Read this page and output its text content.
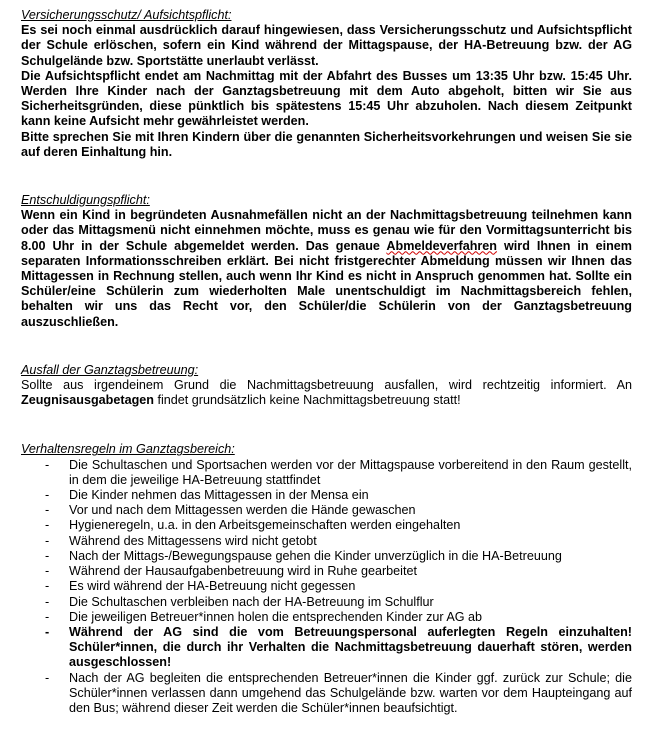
Versicherungsschutz/ Aufsichtspflicht:

Es sei noch einmal ausdrücklich darauf hingewiesen, dass Versicherungsschutz und Aufsichtspflicht der Schule erlöschen, sofern ein Kind während der Mittagspause, der HA-Betreuung bzw. der AG Schulgelände bzw. Sportstätte unerlaubt verlässt.

Die Aufsichtspflicht endet am Nachmittag mit der Abfahrt des Busses um 13:35 Uhr bzw. 15:45 Uhr. Werden Ihre Kinder nach der Ganztagsbetreuung mit dem Auto abgeholt, bitten wir Sie aus Sicherheitsgründen, diese pünktlich bis spätestens 15:45 Uhr abzuholen. Nach diesem Zeitpunkt kann keine Aufsicht mehr gewährleistet werden.

Bitte sprechen Sie mit Ihren Kindern über die genannten Sicherheitsvorkehrungen und weisen Sie sie auf deren Einhaltung hin.

Entschuldigungspflicht:

Wenn ein Kind in begründeten Ausnahmefällen nicht an der Nachmittagsbetreuung teilnehmen kann oder das Mittagsmenü nicht einnehmen möchte, muss es genau wie für den Vormittagsunterricht bis 8.00 Uhr in der Schule abgemeldet werden. Das genaue Abmeldeverfahren wird Ihnen in einem separaten Informationsschreiben erklärt. Bei nicht fristgerechter Abmeldung müssen wir Ihnen das Mittagessen in Rechnung stellen, auch wenn Ihr Kind es nicht in Anspruch genommen hat. Sollte ein Schüler/eine Schülerin zum wiederholten Male unentschuldigt im Nachmittagsbereich fehlen, behalten wir uns das Recht vor, den Schüler/die Schülerin von der Ganztagsbetreuung auszuschließen.

Ausfall der Ganztagsbetreuung:

Sollte aus irgendeinem Grund die Nachmittagsbetreuung ausfallen, wird rechtzeitig informiert. An Zeugnisausgabetagen findet grundsätzlich keine Nachmittagsbetreuung statt!

Verhaltensregeln im Ganztagsbereich:

- Die Schultaschen und Sportsachen werden vor der Mittagspause vorbereitend in den Raum gestellt, in dem die jeweilige HA-Betreuung stattfindet
- Die Kinder nehmen das Mittagessen in der Mensa ein
- Vor und nach dem Mittagessen werden die Hände gewaschen
- Hygieneregeln, u.a. in den Arbeitsgemeinschaften werden eingehalten
- Während des Mittagessens wird nicht getobt
- Nach der Mittags-/Bewegungspause gehen die Kinder unverzüglich in die HA-Betreuung
- Während der Hausaufgabenbetreuung wird in Ruhe gearbeitet
- Es wird während der HA-Betreuung nicht gegessen
- Die Schultaschen verbleiben nach der HA-Betreuung im Schulflur
- Die jeweiligen Betreuer*innen holen die entsprechenden Kinder zur AG ab
- Während der AG sind die vom Betreuungspersonal auferlegten Regeln einzuhalten! Schüler*innen, die durch ihr Verhalten die Nachmittagsbetreuung dauerhaft stören, werden ausgeschlossen!
- Nach der AG begleiten die entsprechenden Betreuer*innen die Kinder ggf. zurück zur Schule; die Schüler*innen verlassen dann umgehend das Schulgelände bzw. warten vor dem Haupteingang auf den Bus; während dieser Zeit werden die Schüler*innen beaufsichtigt.
